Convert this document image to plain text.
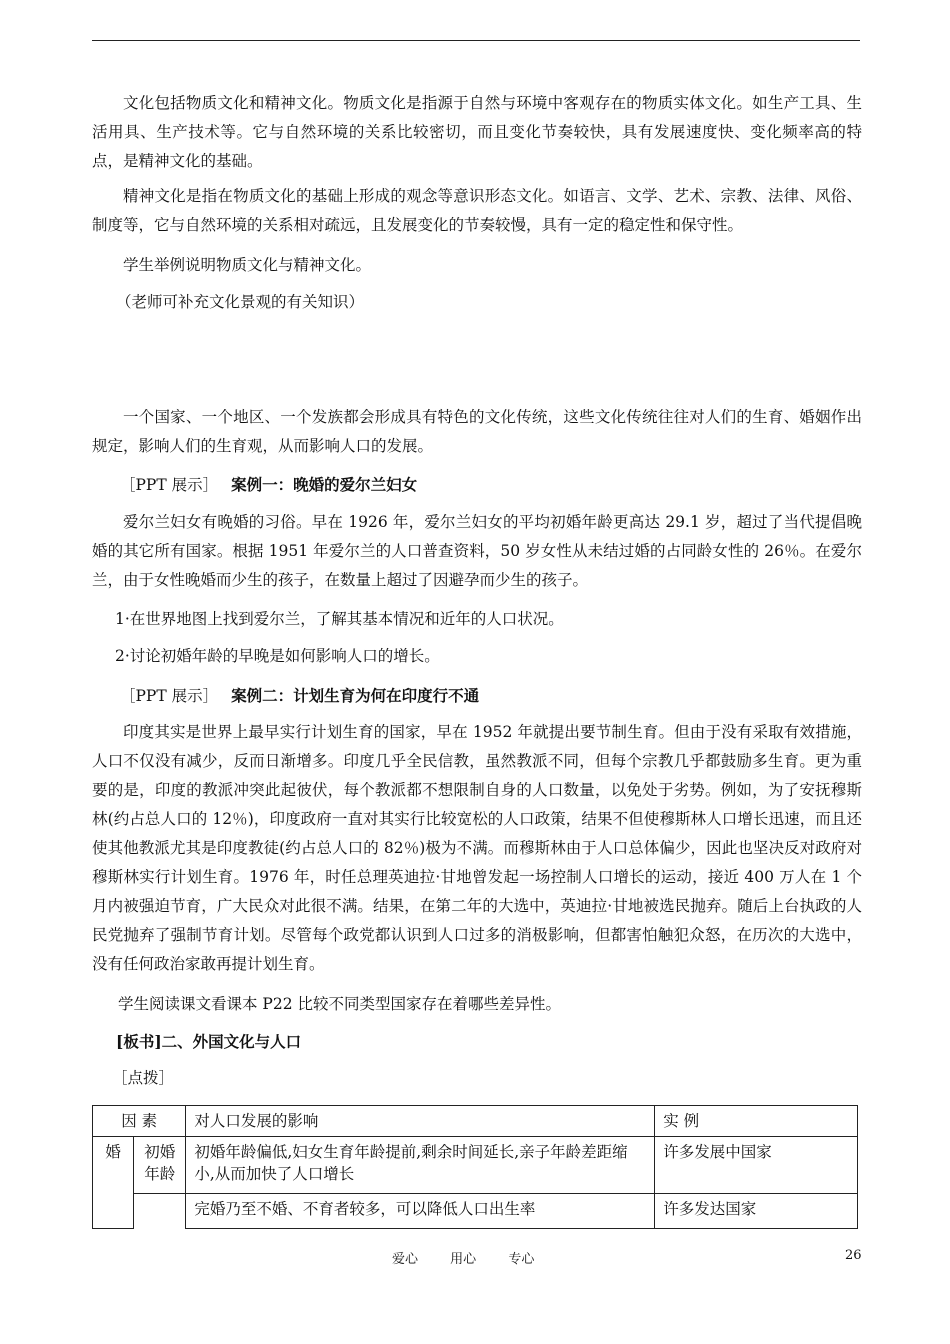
文化包括物质文化和精神文化。物质文化是指源于自然与环境中客观存在的物质实体文化。如生产工具、生活用具、生产技术等。它与自然环境的关系比较密切，而且变化节奏较快，具有发展速度快、变化频率高的特点，是精神文化的基础。

精神文化是指在物质文化的基础上形成的观念等意识形态文化。如语言、文学、艺术、宗教、法律、风俗、制度等，它与自然环境的关系相对疏远，且发展变化的节奏较慢，具有一定的稳定性和保守性。

学生举例说明物质文化与精神文化。
（老师可补充文化景观的有关知识）

一个国家、一个地区、一个发族都会形成具有特色的文化传统，这些文化传统往往对人们的生育、婚姻作出规定，影响人们的生育观，从而影响人口的发展。

［PPT 展示］ 案例一：晚婚的爱尔兰妇女

爱尔兰妇女有晚婚的习俗。早在 1926 年，爱尔兰妇女的平均初婚年龄更高达 29.1 岁，超过了当代提倡晚婚的其它所有国家。根据 1951 年爱尔兰的人口普查资料，50 岁女性从未结过婚的占同龄女性的 26％。在爱尔兰，由于女性晚婚而少生的孩子，在数量上超过了因避孕而少生的孩子。

1·在世界地图上找到爱尔兰，了解其基本情况和近年的人口状况。
2·讨论初婚年龄的早晚是如何影响人口的增长。
［PPT 展示］ 案例二：计划生育为何在印度行不通

印度其实是世界上最早实行计划生育的国家，早在 1952 年就提出要节制生育。但由于没有采取有效措施，人口不仅没有减少，反而日渐增多。印度几乎全民信教，虽然教派不同，但每个宗教几乎都鼓励多生育。更为重要的是，印度的教派冲突此起彼伏，每个教派都不想限制自身的人口数量，以免处于劣势。例如，为了安抚穆斯林(约占总人口的 12％)，印度政府一直对其实行比较宽松的人口政策，结果不但使穆斯林人口增长迅速，而且还使其他教派尤其是印度教徒(约占总人口的 82％)极为不满。而穆斯林由于人口总体偏少，因此也坚决反对政府对穆斯林实行计划生育。1976 年，时任总理英迪拉·甘地曾发起一场控制人口增长的运动，接近 400 万人在 1 个月内被强迫节育，广大民众对此很不满。结果，在第二年的大选中，英迪拉·甘地被选民抛弃。随后上台执政的人民党抛弃了强制节育计划。尽管每个政党都认识到人口过多的消极影响，但都害怕触犯众怒，在历次的大选中，没有任何政治家敢再提计划生育。

学生阅读课文看课本 P22 比较不同类型国家存在着哪些差异性。
[板书]二、外国文化与人口
［点拨］
因 素		对人口发展的影响	实 例
婚	初婚年龄	初婚年龄偏低,妇女生育年龄提前,剩余时间延长,亲子年龄差距缩小,从而加快了人口增长	许多发展中国家
		完婚乃至不婚、不育者较多，可以降低人口出生率	许多发达国家
爱心 用心 专心	26
